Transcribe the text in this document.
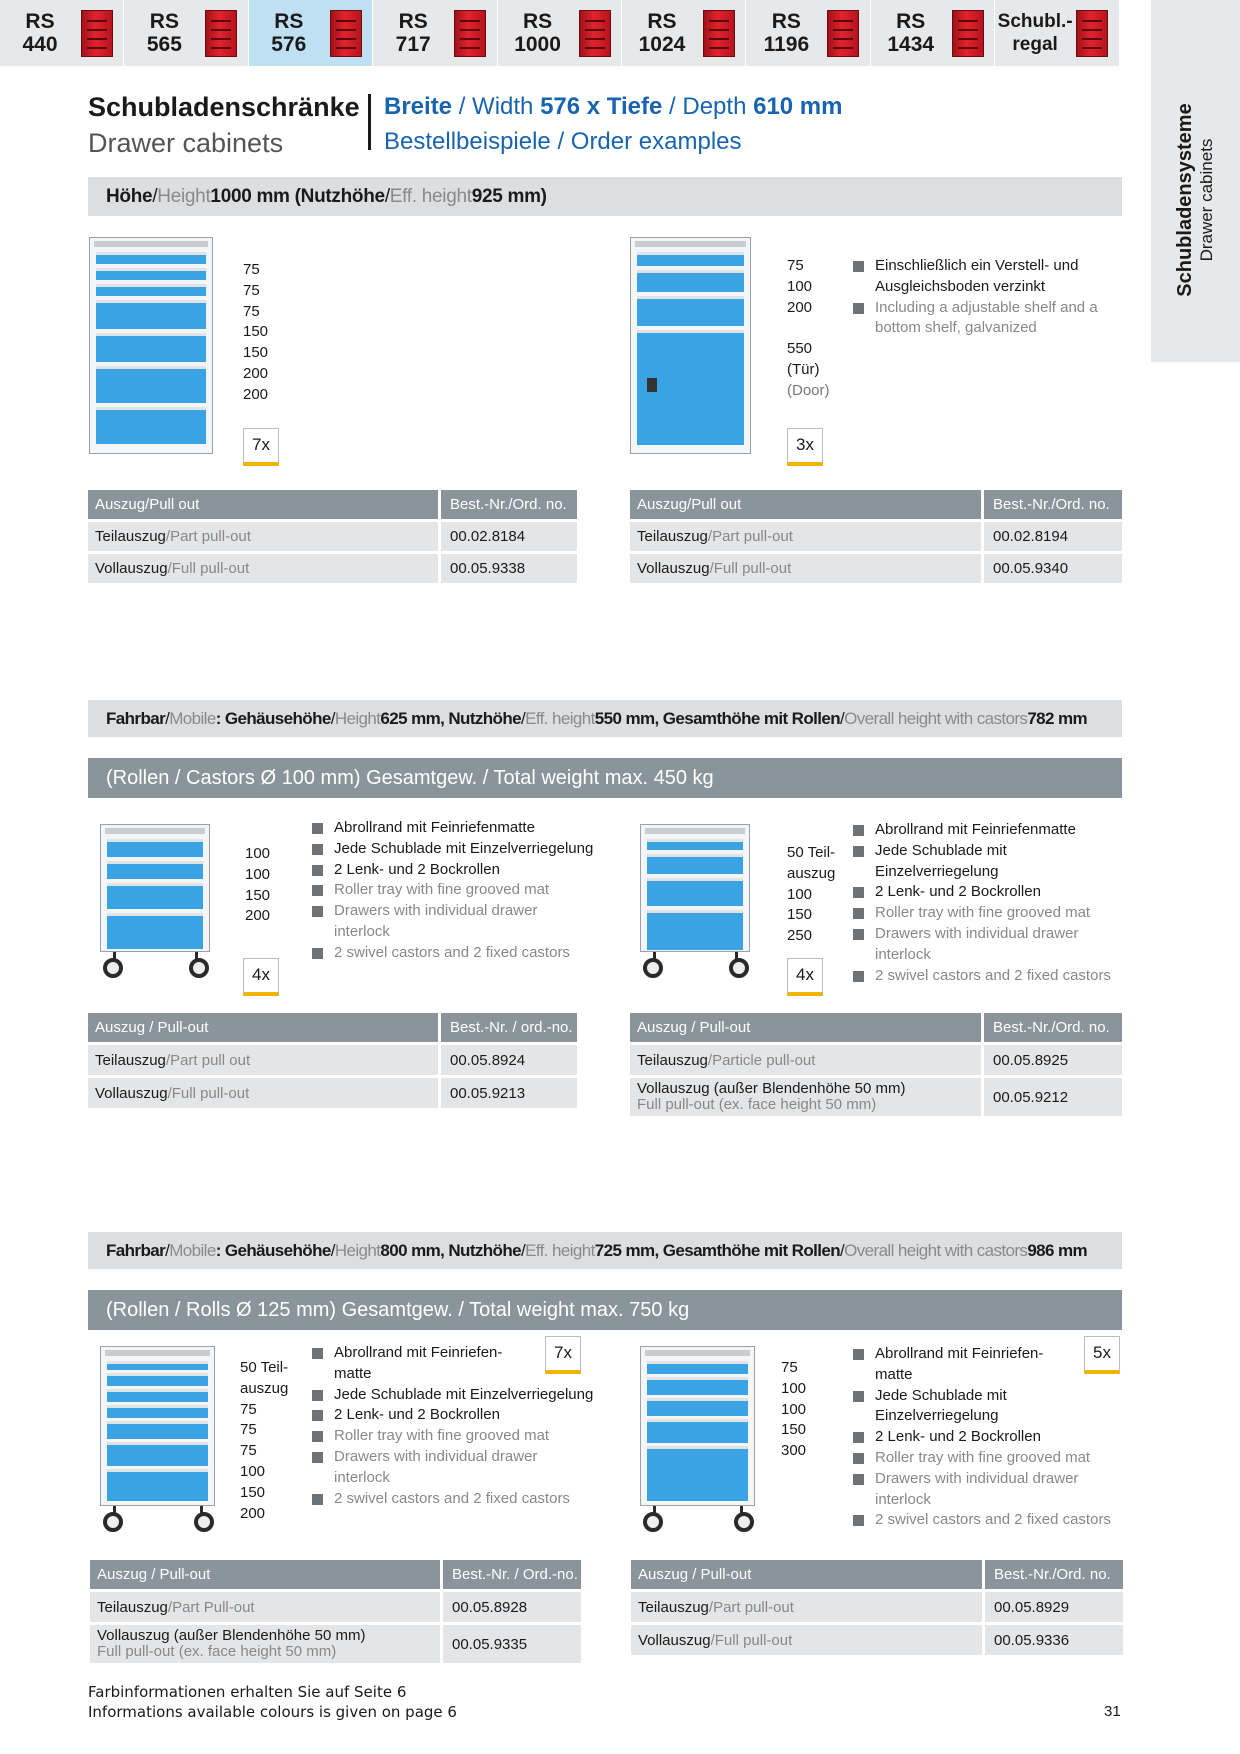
RS
440
RS
565
RS
576
RS
717
RS
1000
RS
1024
RS
1196
RS
1434
Schubl.-
regal
Schubladensysteme Drawer cabinets
Schubladenschränke
Drawer cabinets
Breite / Width 576 x Tiefe / Depth 610 mm
Bestellbeispiele / Order examples
Höhe / Height 1000 mm (Nutzhöhe / Eff. height 925 mm)
75
75
75
150
150
200
200
7x
75
100
200
550
(Tür)
(Door)
3x
Einschließlich ein Verstell- und Ausgleichsboden verzinkt
Including a adjustable shelf and a bottom shelf, galvanized
Auszug/Pull out	Best.-Nr./Ord. no.
Teilauszug / Part pull-out	00.02.8184
Vollauszug / Full pull-out	00.05.9338
Auszug/Pull out	Best.-Nr./Ord. no.
Teilauszug / Part pull-out	00.02.8194
Vollauszug / Full pull-out	00.05.9340
Fahrbar / Mobile : Gehäusehöhe / Height 625 mm, Nutzhöhe / Eff. height 550 mm, Gesamthöhe mit Rollen / Overall height with castors 782 mm
(Rollen / Castors Ø 100 mm) Gesamtgew. / Total weight max. 450 kg
100
100
150
200
4x
Abrollrand mit Feinriefenmatte
Jede Schublade mit Einzelverriegelung
2 Lenk- und 2 Bockrollen
Roller tray with fine grooved mat
Drawers with individual drawer interlock
2 swivel castors and 2 fixed castors
50 Teil-
auszug
100
150
250
4x
Abrollrand mit Feinriefenmatte
Jede Schublade mit Einzelverriegelung
2 Lenk- und 2 Bockrollen
Roller tray with fine grooved mat
Drawers with individual drawer interlock
2 swivel castors and 2 fixed castors
Auszug / Pull-out	Best.-Nr. / ord.-no.
Teilauszug / Part pull out	00.05.8924
Vollauszug / Full pull-out	00.05.9213
Auszug / Pull-out	Best.-Nr./Ord. no.
Teilauszug / Particle pull-out	00.05.8925
Vollauszug (außer Blendenhöhe 50 mm)
Full pull-out (ex. face height 50 mm)	00.05.9212
Fahrbar / Mobile : Gehäusehöhe / Height 800 mm, Nutzhöhe / Eff. height 725 mm, Gesamthöhe mit Rollen / Overall height with castors 986 mm
(Rollen / Rolls Ø 125 mm) Gesamtgew. / Total weight max. 750 kg
50 Teil-
auszug
75
75
75
100
150
200
7x
Abrollrand mit Feinriefen- matte
Jede Schublade mit Einzelverriegelung
2 Lenk- und 2 Bockrollen
Roller tray with fine grooved mat
Drawers with individual drawer interlock
2 swivel castors and 2 fixed castors
75
100
100
150
300
5x
Abrollrand mit Feinriefen- matte
Jede Schublade mit Einzelverriegelung
2 Lenk- und 2 Bockrollen
Roller tray with fine grooved mat
Drawers with individual drawer interlock
2 swivel castors and 2 fixed castors
Auszug / Pull-out	Best.-Nr. / Ord.-no.
Teilauszug / Part Pull-out	00.05.8928
Vollauszug (außer Blendenhöhe 50 mm)
Full pull-out (ex. face height 50 mm)	00.05.9335
Auszug / Pull-out	Best.-Nr./Ord. no.
Teilauszug / Part pull-out	00.05.8929
Vollauszug / Full pull-out	00.05.9336
Farbinformationen erhalten Sie auf Seite 6
Informations available colours is given on page 6	31
